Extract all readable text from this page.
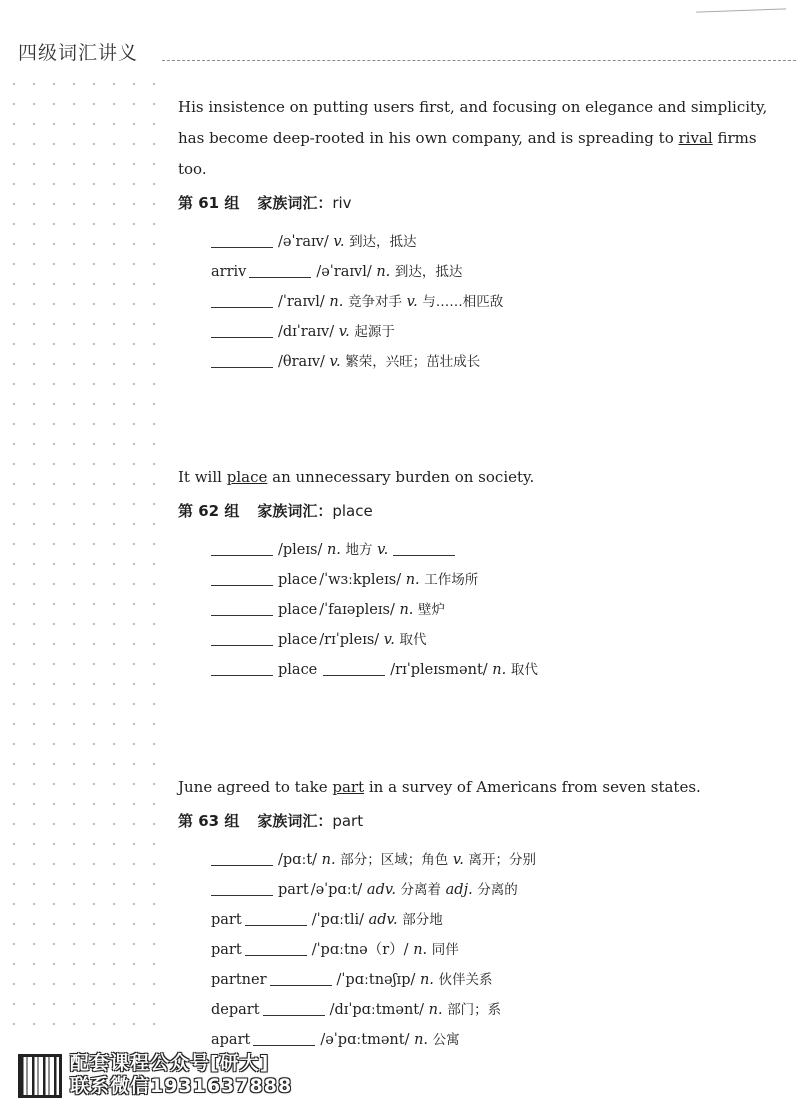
四级词汇讲义

His insistence on putting users first, and focusing on elegance and simplicity, has become deep-rooted in his own company, and is spreading to rival firms too.

第 61 组 家族词汇：riv
/əˈraɪv/ v. 到达，抵达
arriv	/əˈraɪvl/ n. 到达，抵达
/ˈraɪvl/ n. 竞争对手 v. 与……相匹敌
/dɪˈraɪv/ v. 起源于
/θraɪv/ v. 繁荣，兴旺；茁壮成长

It will place an unnecessary burden on society.

第 62 组 家族词汇：place
/pleɪs/ n. 地方 v.
place /ˈwɜːkpleɪs/ n. 工作场所
place /ˈfaɪəpleɪs/ n. 壁炉
place /rɪˈpleɪs/ v. 取代
place	/rɪˈpleɪsmənt/ n. 取代

June agreed to take part in a survey of Americans from seven states.

第 63 组 家族词汇：part
/pɑːt/ n. 部分；区域；角色 v. 离开；分别
part /əˈpɑːt/ adv. 分离着 adj. 分离的
part	/ˈpɑːtli/ adv. 部分地
part	/ˈpɑːtnə（r）/ n. 同伴
partner	/ˈpɑːtnəʃɪp/ n. 伙伴关系
depart	/dɪˈpɑːtmənt/ n. 部门；系
apart	/əˈpɑːtmənt/ n. 公寓
配套课程公众号[研大]
联系微信1931637888
